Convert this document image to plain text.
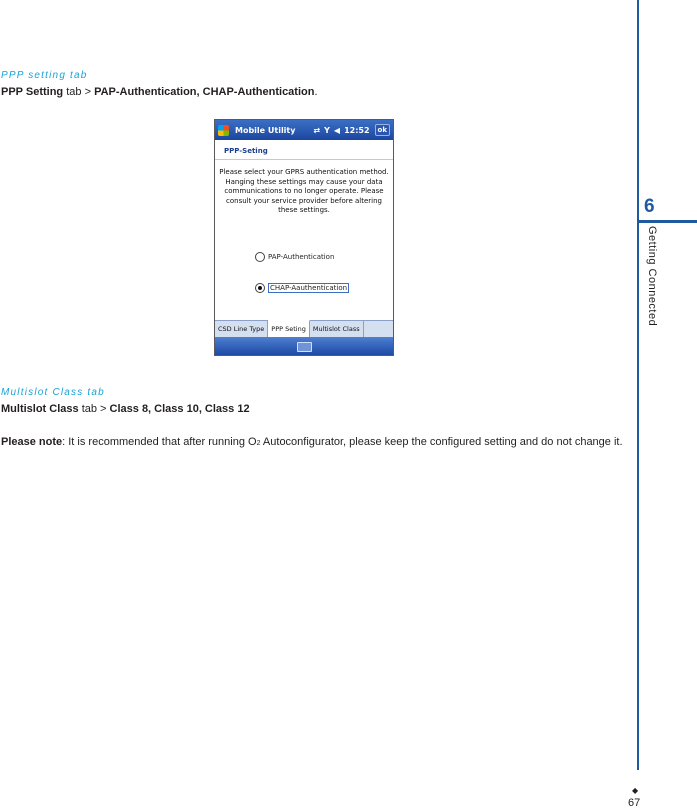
PPP setting tab
PPP Setting tab > PAP-Authentication, CHAP-Authentication.
Mobile Utility	⇄ Y ◀ 12:52	ok
PPP-Seting
Please select your GPRS authentication method. Hanging these settings may cause your data communications to no longer operate. Please consult your service provider before altering these settings.
PAP-Authentication
CHAP-Aauthentication
CSD Line Type	PPP Seting	Multislot Class
Multislot Class tab
Multislot Class tab > Class 8, Class 10, Class 12
Please note: It is recommended that after running O2 Autoconfigurator, please keep the configured setting and do not change it.
6
Getting Connected
◆
67
